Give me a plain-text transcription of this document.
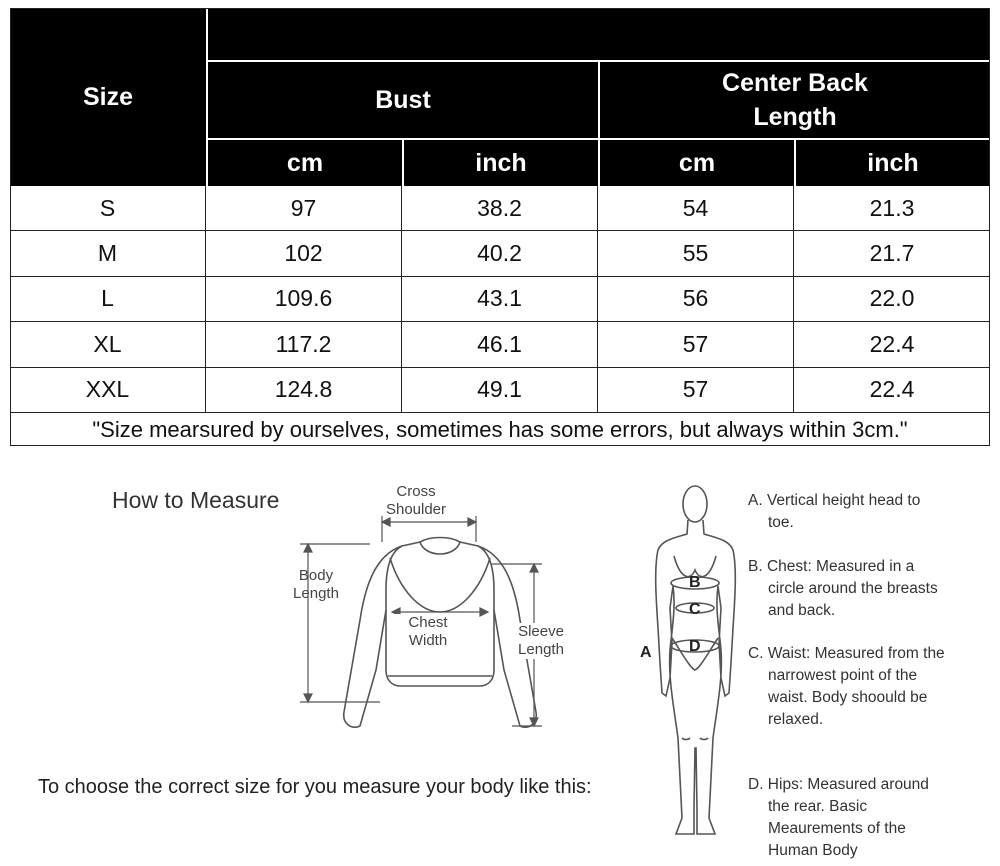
Size	Bust
Center Back Length
cm	inch	cm	inch
S	97	38.2	54	21.3
M	102	40.2	55	21.7
L	109.6	43.1	56	22.0
XL	117.2	46.1	57	22.4
XXL	124.8	49.1	57	22.4
"Size mearsured by ourselves, sometimes has some errors, but always within 3cm."
How to Measure
To choose the correct size for you measure your body like this:
Cross Shoulder
Body Length
Chest Width
Sleeve Length	A
B
C
D
A. Vertical height head to toe.
B. Chest: Measured in a circle around the breasts and back.
C. Waist: Measured from the narrowest point of the waist. Body shoould be relaxed.
D. Hips: Measured around the rear. Basic Meaurements of the Human Body
